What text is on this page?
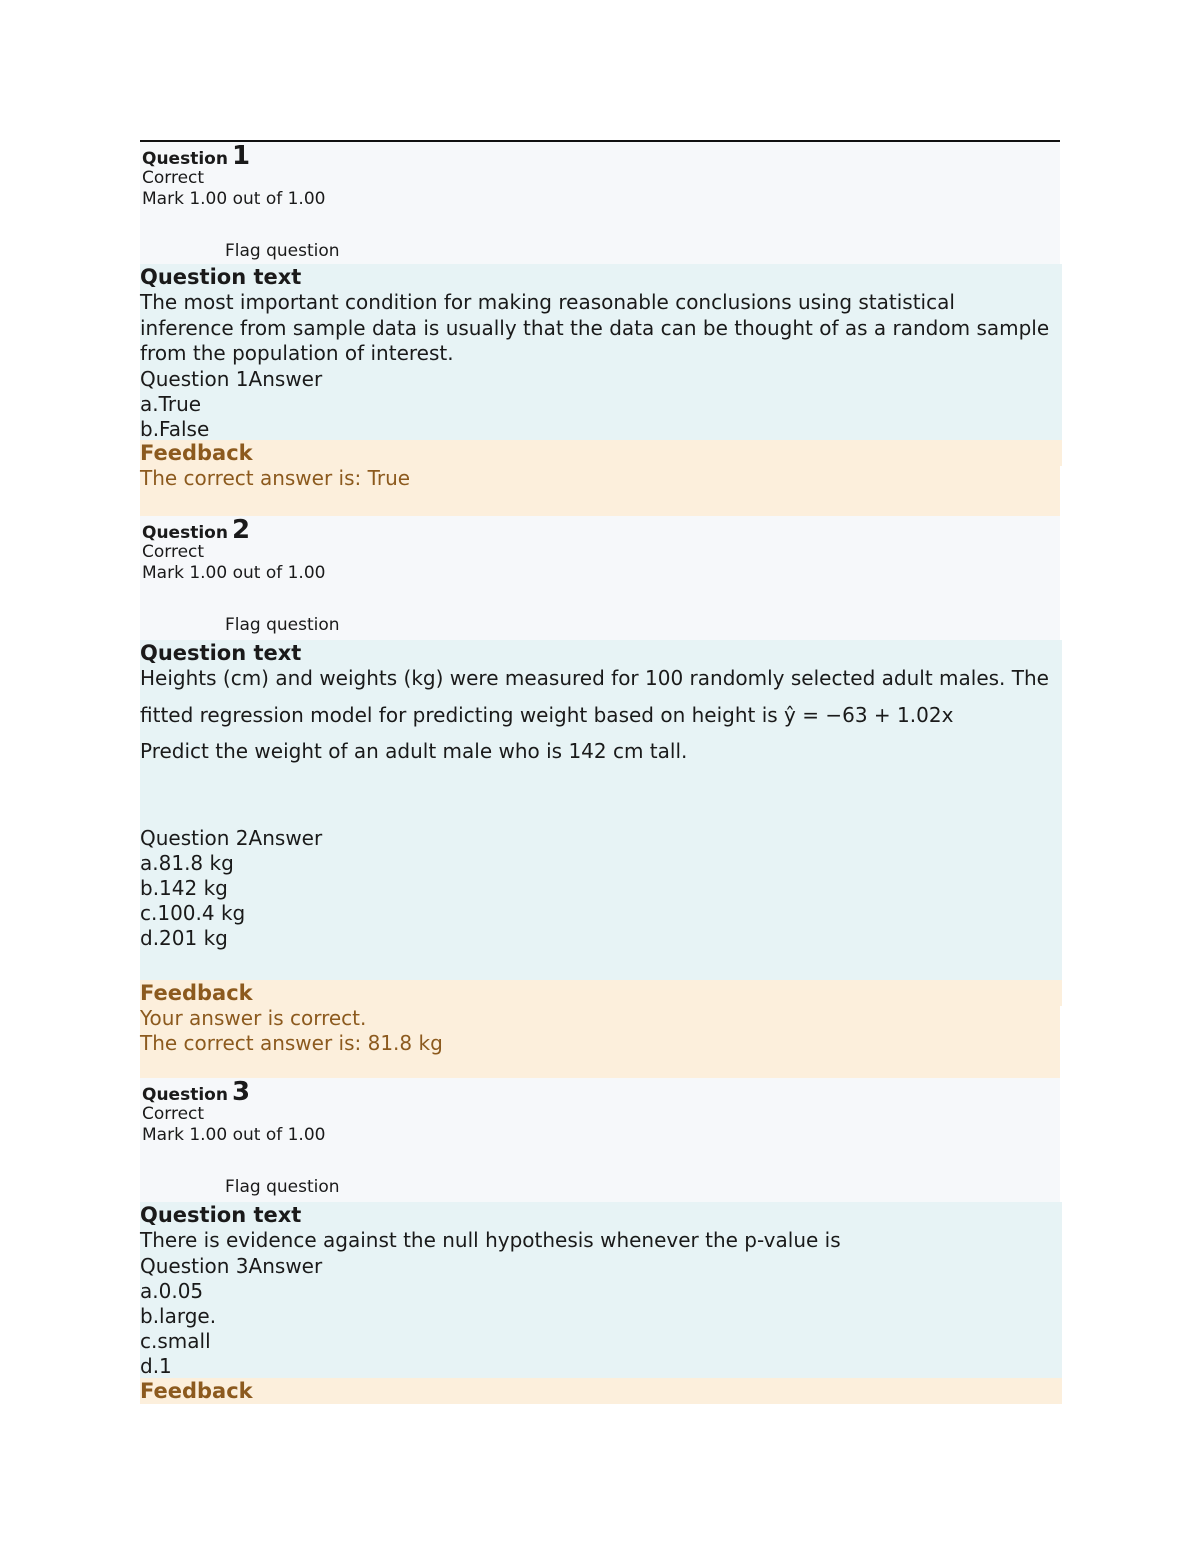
Question 1
Correct
Mark 1.00 out of 1.00
Flag question
Question text
The most important condition for making reasonable conclusions using statistical inference from sample data is usually that the data can be thought of as a random sample from the population of interest.
Question 1Answer
a.True
b.False
Feedback
The correct answer is: True
Question 2
Correct
Mark 1.00 out of 1.00
Flag question
Question text

Heights (cm) and weights (kg) were measured for 100 randomly selected adult males. The

fitted regression model for predicting weight based on height is ŷ = −63 + 1.02x

Predict the weight of an adult male who is 142 cm tall.

Question 2Answer
a.81.8 kg
b.142 kg
c.100.4 kg
d.201 kg
Feedback
Your answer is correct.
The correct answer is: 81.8 kg
Question 3
Correct
Mark 1.00 out of 1.00
Flag question
Question text
There is evidence against the null hypothesis whenever the p-value is
Question 3Answer
a.0.05
b.large.
c.small
d.1
Feedback
